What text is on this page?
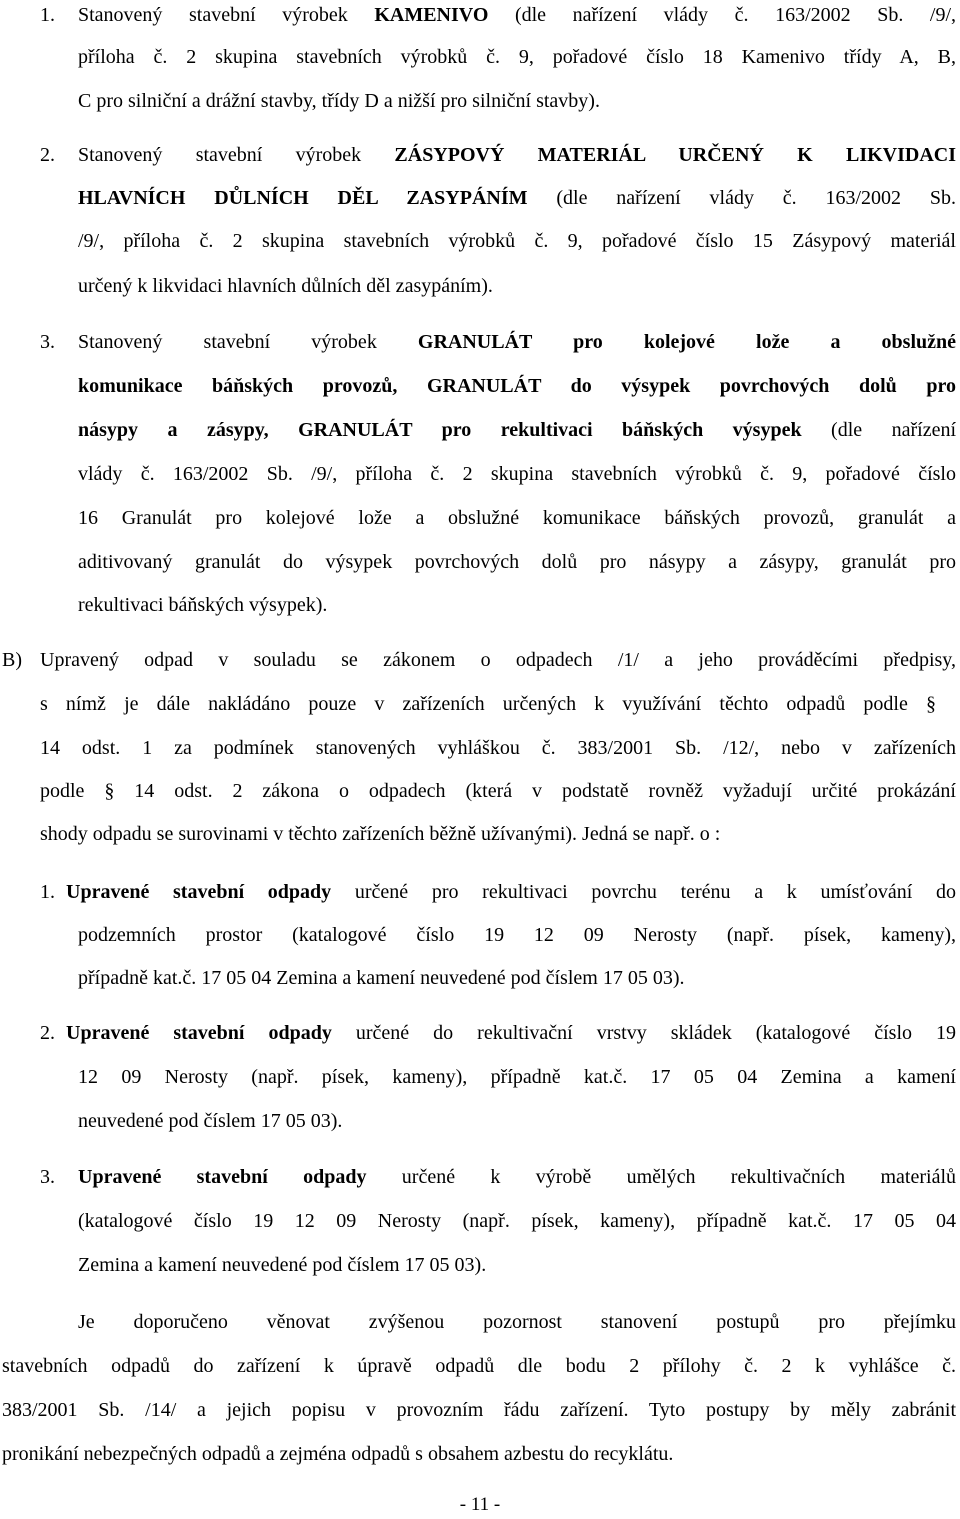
1. Stanovený stavební výrobek KAMENIVO (dle nařízení vlády č. 163/2002 Sb. /9/,
příloha č. 2 skupina stavebních výrobků č. 9, pořadové číslo 18 Kamenivo třídy A, B,
C pro silniční a drážní stavby, třídy D a nižší pro silniční stavby).
2. Stanovený stavební výrobek ZÁSYPOVÝ MATERIÁL URČENÝ K LIKVIDACI
HLAVNÍCH DŮLNÍCH DĚL ZASYPÁNÍM (dle nařízení vlády č. 163/2002 Sb.
/9/, příloha č. 2 skupina stavebních výrobků č. 9, pořadové číslo 15 Zásypový materiál
určený k likvidaci hlavních důlních děl zasypáním).
3. Stanovený stavební výrobek GRANULÁT pro kolejové lože a obslužné
komunikace báňských provozů, GRANULÁT do výsypek povrchových dolů pro
násypy a zásypy, GRANULÁT pro rekultivaci báňských výsypek (dle nařízení
vlády č. 163/2002 Sb. /9/, příloha č. 2 skupina stavebních výrobků č. 9, pořadové číslo
16 Granulát pro kolejové lože a obslužné komunikace báňských provozů, granulát a
aditivovaný granulát do výsypek povrchových dolů pro násypy a zásypy, granulát pro
rekultivaci báňských výsypek).
B) Upravený odpad v souladu se zákonem o odpadech /1/ a jeho prováděcími předpisy,
s nímž je dále nakládáno pouze v zařízeních určených k využívání těchto odpadů podle §
14 odst. 1 za podmínek stanovených vyhláškou č. 383/2001 Sb. /12/, nebo v zařízeních
podle § 14 odst. 2 zákona o odpadech (která v podstatě rovněž vyžadují určité prokázání
shody odpadu se surovinami v těchto zařízeních běžně užívanými). Jedná se např. o :
1. Upravené stavební odpady určené pro rekultivaci povrchu terénu a k umísťování do
podzemních prostor (katalogové číslo 19 12 09 Nerosty (např. písek, kameny),
případně kat.č. 17 05 04 Zemina a kamení neuvedené pod číslem 17 05 03).
2. Upravené stavební odpady určené do rekultivační vrstvy skládek (katalogové číslo 19
12 09 Nerosty (např. písek, kameny), případně kat.č. 17 05 04 Zemina a kamení
neuvedené pod číslem 17 05 03).
3. Upravené stavební odpady určené k výrobě umělých rekultivačních materiálů
(katalogové číslo 19 12 09 Nerosty (např. písek, kameny), případně kat.č. 17 05 04
Zemina a kamení neuvedené pod číslem 17 05 03).
Je doporučeno věnovat zvýšenou pozornost stanovení postupů pro přejímku
stavebních odpadů do zařízení k úpravě odpadů dle bodu 2 přílohy č. 2 k vyhlášce č.
383/2001 Sb. /14/ a jejich popisu v provozním řádu zařízení. Tyto postupy by měly zabránit
pronikání nebezpečných odpadů a zejména odpadů s obsahem azbestu do recyklátu.
- 11 -
